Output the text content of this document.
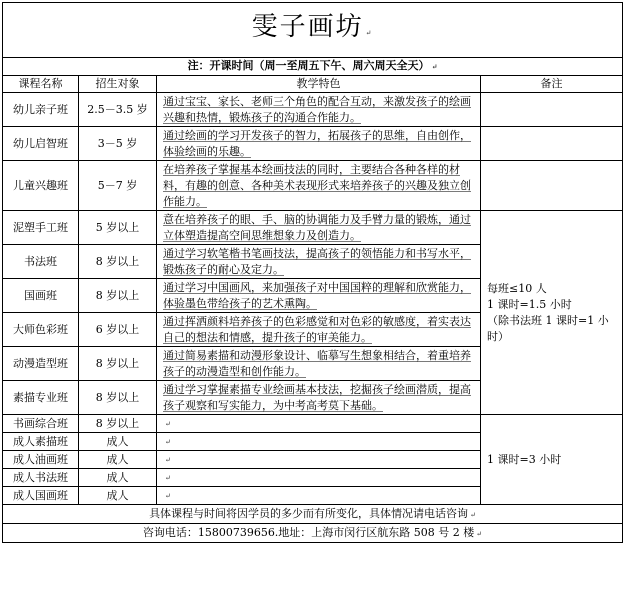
雯子画坊 ↵			
注：开课时间（周一至周五下午、周六周天全天） ↵			
课程名称	招生对象	教学特色	备注
幼儿亲子班	2.5－3.5 岁	通过宝宝、家长、老师三个角色的配合互动，来激发孩子的绘画兴趣和热情，锻炼孩子的沟通合作能力。	
幼儿启智班	3－5 岁	通过绘画的学习开发孩子的智力，拓展孩子的思维，自由创作，体验绘画的乐趣。	
儿童兴趣班	5－7 岁	在培养孩子掌握基本绘画技法的同时，主要结合各种各样的材料，有趣的创意、各种美术表现形式来培养孩子的兴趣及独立创作能力。	
泥塑手工班	5 岁以上	意在培养孩子的眼、手、脑的协调能力及手臂力量的锻炼，通过立体塑造提高空间思维想象力及创造力。	每班≤10 人
1 课时=1.5 小时
（除书法班 1 课时=1 小时）

书法班	8 岁以上	通过学习软笔楷书笔画技法，提高孩子的领悟能力和书写水平，锻炼孩子的耐心及定力。	
国画班	8 岁以上	通过学习中国画风，来加强孩子对中国国粹的理解和欣赏能力，体验墨色带给孩子的艺术熏陶。	
大师色彩班	6 岁以上	通过挥洒颜料培养孩子的色彩感觉和对色彩的敏感度，着实表达自己的想法和情感，提升孩子的审美能力。	
动漫造型班	8 岁以上	通过简易素描和动漫形象设计、临摹写生想象相结合，着重培养孩子的动漫造型和创作能力。	
素描专业班	8 岁以上	通过学习掌握素描专业绘画基本技法，挖掘孩子绘画潜质，提高孩子观察和写实能力，为中考高考莫下基础。	
书画综合班	8 岁以上	↵	1 课时=3 小时
成人素描班	成人	↵	
成人油画班	成人	↵	
成人书法班	成人	↵	
成人国画班	成人	↵	
具体课程与时间将因学员的多少而有所变化，具体情况请电话咨询 ↵			
咨询电话：15800739656.地址：上海市闵行区航东路 508 号 2 楼 ↵			
